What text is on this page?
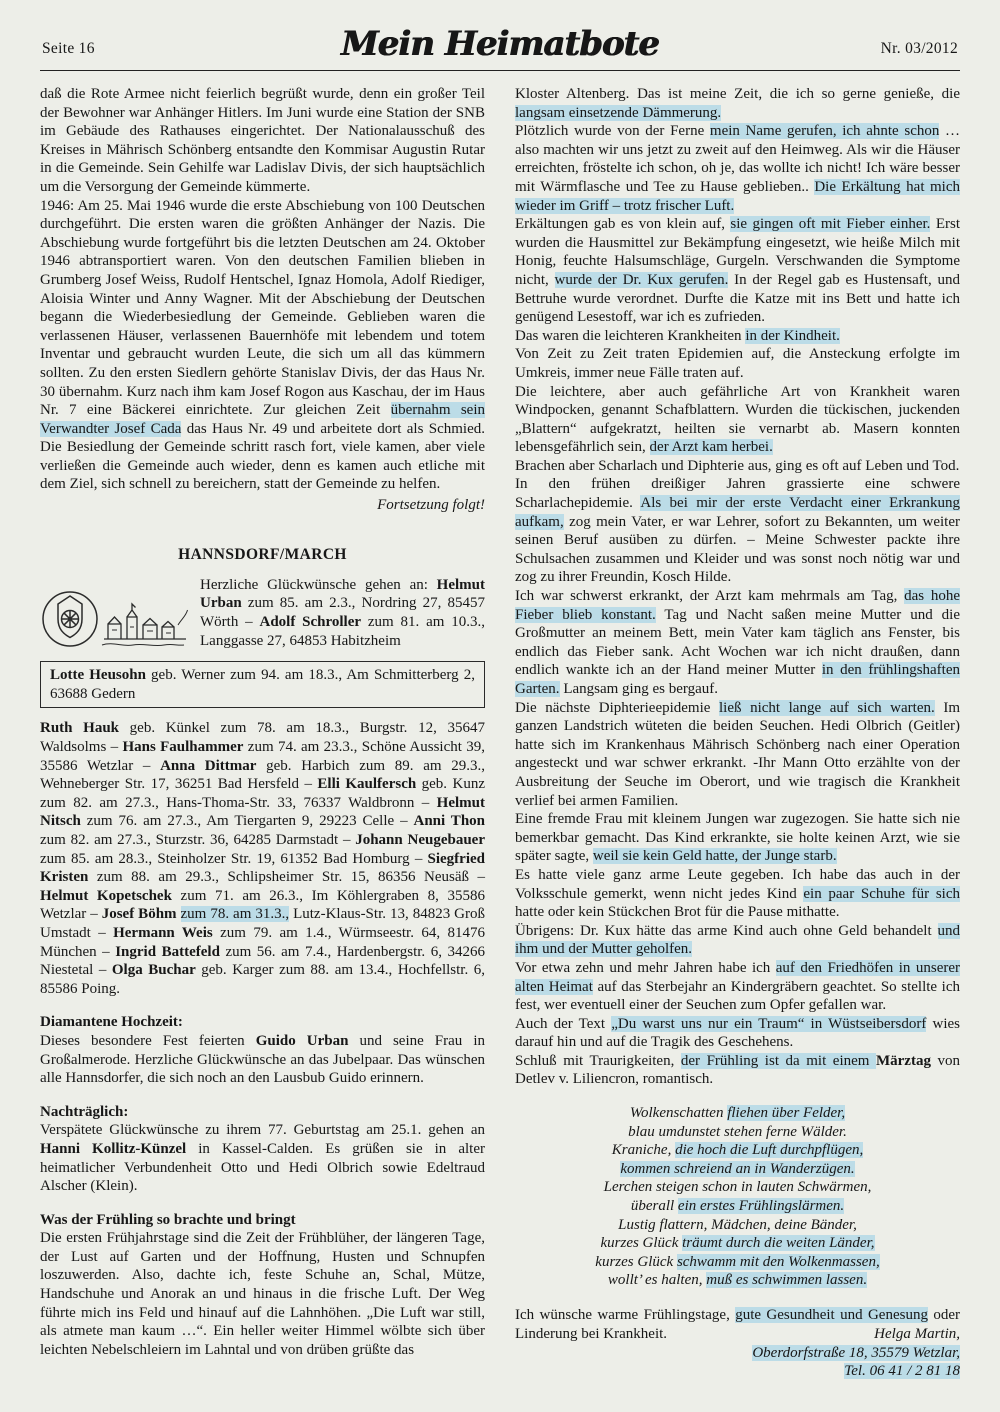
Seite 16	Mein Heimatbote	Nr. 03/2012

daß die Rote Armee nicht feierlich begrüßt wurde, denn ein großer Teil der Bewohner war Anhänger Hitlers. Im Juni wurde eine Station der SNB im Gebäude des Rathauses eingerichtet. Der Nationalausschuß des Kreises in Mährisch Schönberg entsandte den Kommisar Augustin Rutar in die Gemeinde. Sein Gehilfe war Ladislav Divis, der sich hauptsächlich um die Versorgung der Gemeinde kümmerte.

1946: Am 25. Mai 1946 wurde die erste Abschiebung von 100 Deutschen durchgeführt. Die ersten waren die größten Anhänger der Nazis. Die Abschiebung wurde fortgeführt bis die letzten Deutschen am 24. Oktober 1946 abtransportiert waren. Von den deutschen Familien blieben in Grumberg Josef Weiss, Rudolf Hentschel, Ignaz Homola, Adolf Riediger, Aloisia Winter und Anny Wagner. Mit der Abschiebung der Deutschen begann die Wiederbesiedlung der Gemeinde. Geblieben waren die verlassenen Häuser, verlassenen Bauernhöfe mit lebendem und totem Inventar und gebraucht wurden Leute, die sich um all das kümmern sollten. Zu den ersten Siedlern gehörte Stanislav Divis, der das Haus Nr. 30 übernahm. Kurz nach ihm kam Josef Rogon aus Kaschau, der im Haus Nr. 7 eine Bäckerei einrichtete. Zur gleichen Zeit übernahm sein Verwandter Josef Cada das Haus Nr. 49 und arbeitete dort als Schmied. Die Besiedlung der Gemeinde schritt rasch fort, viele kamen, aber viele verließen die Gemeinde auch wieder, denn es kamen auch etliche mit dem Ziel, sich schnell zu bereichern, statt der Gemeinde zu helfen.

Fortsetzung folgt!

HANNSDORF/MARCH

Herzliche Glückwünsche gehen an: Helmut Urban zum 85. am 2.3., Nordring 27, 85457 Wörth – Adolf Schroller zum 81. am 10.3., Langgasse 27, 64853 Habitzheim

Lotte Heusohn geb. Werner zum 94. am 18.3., Am Schmitterberg 2, 63688 Gedern

Ruth Hauk geb. Künkel zum 78. am 18.3., Burgstr. 12, 35647 Waldsolms – Hans Faulhammer zum 74. am 23.3., Schöne Aussicht 39, 35586 Wetzlar – Anna Dittmar geb. Harbich zum 89. am 29.3., Wehneberger Str. 17, 36251 Bad Hersfeld – Elli Kaulfersch geb. Kunz zum 82. am 27.3., Hans-Thoma-Str. 33, 76337 Waldbronn – Helmut Nitsch zum 76. am 27.3., Am Tiergarten 9, 29223 Celle – Anni Thon zum 82. am 27.3., Sturzstr. 36, 64285 Darmstadt – Johann Neugebauer zum 85. am 28.3., Steinholzer Str. 19, 61352 Bad Homburg – Siegfried Kristen zum 88. am 29.3., Schlipsheimer Str. 15, 86356 Neusäß – Helmut Kopetschek zum 71. am 26.3., Im Köhlergraben 8, 35586 Wetzlar – Josef Böhm zum 78. am 31.3., Lutz-Klaus-Str. 13, 84823 Groß Umstadt – Hermann Weis zum 79. am 1.4., Würmseestr. 64, 81476 München – Ingrid Battefeld zum 56. am 7.4., Hardenbergstr. 6, 34266 Niestetal – Olga Buchar geb. Karger zum 88. am 13.4., Hochfellstr. 6, 85586 Poing.

Diamantene Hochzeit:

Dieses besondere Fest feierten Guido Urban und seine Frau in Großalmerode. Herzliche Glückwünsche an das Jubelpaar. Das wünschen alle Hannsdorfer, die sich noch an den Lausbub Guido erinnern.

Nachträglich:

Verspätete Glückwünsche zu ihrem 77. Geburtstag am 25.1. gehen an Hanni Kollitz-Künzel in Kassel-Calden. Es grüßen sie in alter heimatlicher Verbundenheit Otto und Hedi Olbrich sowie Edeltraud Alscher (Klein).

Was der Frühling so brachte und bringt

Die ersten Frühjahrstage sind die Zeit der Frühblüher, der längeren Tage, der Lust auf Garten und der Hoffnung, Husten und Schnupfen loszuwerden. Also, dachte ich, feste Schuhe an, Schal, Mütze, Handschuhe und Anorak an und hinaus in die frische Luft. Der Weg führte mich ins Feld und hinauf auf die Lahnhöhen. „Die Luft war still, als atmete man kaum …“. Ein heller weiter Himmel wölbte sich über leichten Nebelschleiern im Lahntal und von drüben grüßte das

Kloster Altenberg. Das ist meine Zeit, die ich so gerne genieße, die langsam einsetzende Dämmerung.

Plötzlich wurde von der Ferne mein Name gerufen, ich ahnte schon … also machten wir uns jetzt zu zweit auf den Heimweg. Als wir die Häuser erreichten, fröstelte ich schon, oh je, das wollte ich nicht! Ich wäre besser mit Wärmflasche und Tee zu Hause geblieben.. Die Erkältung hat mich wieder im Griff – trotz frischer Luft.

Erkältungen gab es von klein auf, sie gingen oft mit Fieber einher. Erst wurden die Hausmittel zur Bekämpfung eingesetzt, wie heiße Milch mit Honig, feuchte Halsumschläge, Gurgeln. Verschwanden die Symptome nicht, wurde der Dr. Kux gerufen. In der Regel gab es Hustensaft, und Bettruhe wurde verordnet. Durfte die Katze mit ins Bett und hatte ich genügend Lesestoff, war ich es zufrieden.

Das waren die leichteren Krankheiten in der Kindheit.

Von Zeit zu Zeit traten Epidemien auf, die Ansteckung erfolgte im Umkreis, immer neue Fälle traten auf.

Die leichtere, aber auch gefährliche Art von Krankheit waren Windpocken, genannt Schafblattern. Wurden die tückischen, juckenden „Blattern“ aufgekratzt, heilten sie vernarbt ab. Masern konnten lebensgefährlich sein, der Arzt kam herbei.

Brachen aber Scharlach und Diphterie aus, ging es oft auf Leben und Tod.

In den frühen dreißiger Jahren grassierte eine schwere Scharlachepidemie. Als bei mir der erste Verdacht einer Erkrankung aufkam, zog mein Vater, er war Lehrer, sofort zu Bekannten, um weiter seinen Beruf ausüben zu dürfen. – Meine Schwester packte ihre Schulsachen zusammen und Kleider und was sonst noch nötig war und zog zu ihrer Freundin, Kosch Hilde.

Ich war schwerst erkrankt, der Arzt kam mehrmals am Tag, das hohe Fieber blieb konstant. Tag und Nacht saßen meine Mutter und die Großmutter an meinem Bett, mein Vater kam täglich ans Fenster, bis endlich das Fieber sank. Acht Wochen war ich nicht draußen, dann endlich wankte ich an der Hand meiner Mutter in den frühlingshaften Garten. Langsam ging es bergauf.

Die nächste Diphterieepidemie ließ nicht lange auf sich warten. Im ganzen Landstrich wüteten die beiden Seuchen. Hedi Olbrich (Geitler) hatte sich im Krankenhaus Mährisch Schönberg nach einer Operation angesteckt und war schwer erkrankt. -Ihr Mann Otto erzählte von der Ausbreitung der Seuche im Oberort, und wie tragisch die Krankheit verlief bei armen Familien.

Eine fremde Frau mit kleinem Jungen war zugezogen. Sie hatte sich nie bemerkbar gemacht. Das Kind erkrankte, sie holte keinen Arzt, wie sie später sagte, weil sie kein Geld hatte, der Junge starb.

Es hatte viele ganz arme Leute gegeben. Ich habe das auch in der Volksschule gemerkt, wenn nicht jedes Kind ein paar Schuhe für sich hatte oder kein Stückchen Brot für die Pause mithatte.

Übrigens: Dr. Kux hätte das arme Kind auch ohne Geld behandelt und ihm und der Mutter geholfen.

Vor etwa zehn und mehr Jahren habe ich auf den Friedhöfen in unserer alten Heimat auf das Sterbejahr an Kindergräbern geachtet. So stellte ich fest, wer eventuell einer der Seuchen zum Opfer gefallen war.

Auch der Text „Du warst uns nur ein Traum“ in Wüstseibersdorf wies darauf hin und auf die Tragik des Geschehens.

Schluß mit Traurigkeiten, der Frühling ist da mit einem Märztag von Detlev v. Liliencron, romantisch.

Wolkenschatten fliehen über Felder,
blau umdunstet stehen ferne Wälder.
Kraniche, die hoch die Luft durchpflügen,
kommen schreiend an in Wanderzügen.
Lerchen steigen schon in lauten Schwärmen,
überall ein erstes Frühlingslärmen.
Lustig flattern, Mädchen, deine Bänder,
kurzes Glück träumt durch die weiten Länder,
kurzes Glück schwamm mit den Wolkenmassen,
wollt’ es halten, muß es schwimmen lassen.

Ich wünsche warme Frühlingstage, gute Gesundheit und Genesung oder Linderung bei Krankheit.	Helga Martin,
Oberdorfstraße 18, 35579 Wetzlar,
Tel. 06 41 / 2 81 18
